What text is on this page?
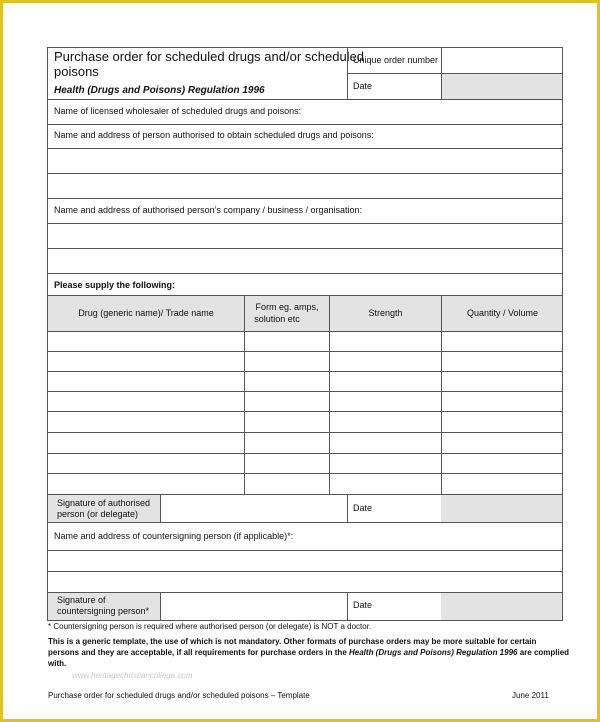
Purchase order for scheduled drugs and/or scheduled
poisons
Health (Drugs and Poisons) Regulation 1996
Unique order number
Date
Name of licensed wholesaler of scheduled drugs and poisons:
Name and address of person authorised to obtain scheduled drugs and poisons:
Name and address of authorised person’s company / business / organisation:
Please supply the following:
Drug (generic name)/ Trade name
Form eg. amps,
solution etc
Strength	Quantity / Volume
Signature of authorised
person (or delegate)
Date
Name and address of countersigning person (if applicable)*:
Signature of
countersigning person*
Date
* Countersigning person is required where authorised person (or delegate) is NOT a doctor.
This is a generic template, the use of which is not mandatory. Other formats of purchase orders may be more suitable for certain
persons and they are acceptable, if all requirements for purchase orders in the Health (Drugs and Poisons) Regulation 1996 are complied
with.
www.heritagechristiancollege.com
Purchase order for scheduled drugs and/or scheduled poisons – Template	June 2011
